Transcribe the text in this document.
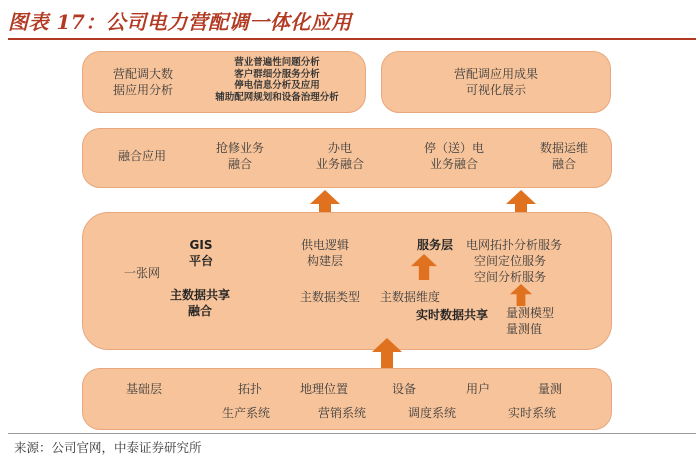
图表 17：公司电力营配调一体化应用
营配调大数
据应用分析
营业普遍性问题分析
客户群细分服务分析
停电信息分析及应用
辅助配网规划和设备治理分析
营配调应用成果
可视化展示
融合应用
抢修业务
融合
办电
业务融合
停（送）电
业务融合
数据运维
融合
GIS
平台
一张网
主数据共享
融合
供电逻辑
构建层
主数据类型 主数据维度
服务层 电网拓扑分析服务
空间定位服务
空间分析服务
实时数据共享 量测模型
量测值
基础层	拓扑	地理位置	设备	用户	量测
生产系统	营销系统	调度系统	实时系统
来源：公司官网，中泰证券研究所
